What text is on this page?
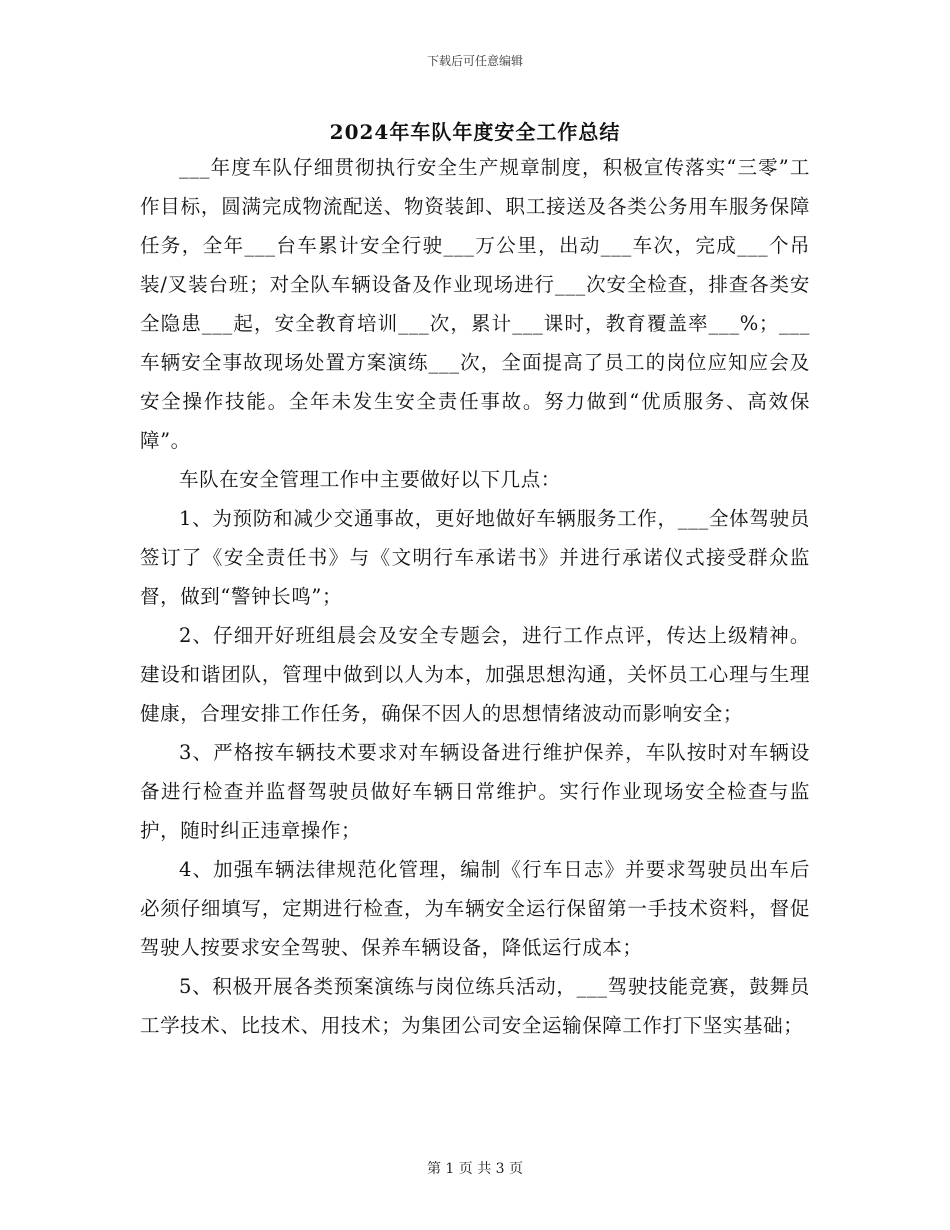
下载后可任意编辑
2024年车队年度安全工作总结

___年度车队仔细贯彻执行安全生产规章制度，积极宣传落实“三零”工作目标，圆满完成物流配送、物资装卸、职工接送及各类公务用车服务保障任务，全年___台车累计安全行驶___万公里，出动___车次，完成___个吊装/叉装台班；对全队车辆设备及作业现场进行___次安全检查，排查各类安全隐患___起，安全教育培训___次，累计___课时，教育覆盖率___%；___车辆安全事故现场处置方案演练___次，全面提高了员工的岗位应知应会及安全操作技能。全年未发生安全责任事故。努力做到“优质服务、高效保障”。

车队在安全管理工作中主要做好以下几点：

1、为预防和减少交通事故，更好地做好车辆服务工作，___全体驾驶员签订了《安全责任书》与《文明行车承诺书》并进行承诺仪式接受群众监督，做到“警钟长鸣”；

2、仔细开好班组晨会及安全专题会，进行工作点评，传达上级精神。建设和谐团队，管理中做到以人为本，加强思想沟通，关怀员工心理与生理健康，合理安排工作任务，确保不因人的思想情绪波动而影响安全；

3、严格按车辆技术要求对车辆设备进行维护保养，车队按时对车辆设备进行检查并监督驾驶员做好车辆日常维护。实行作业现场安全检查与监护，随时纠正违章操作；

4、加强车辆法律规范化管理，编制《行车日志》并要求驾驶员出车后必须仔细填写，定期进行检查，为车辆安全运行保留第一手技术资料，督促驾驶人按要求安全驾驶、保养车辆设备，降低运行成本；

5、积极开展各类预案演练与岗位练兵活动，___驾驶技能竞赛，鼓舞员工学技术、比技术、用技术；为集团公司安全运输保障工作打下坚实基础；

第 1 页 共 3 页
